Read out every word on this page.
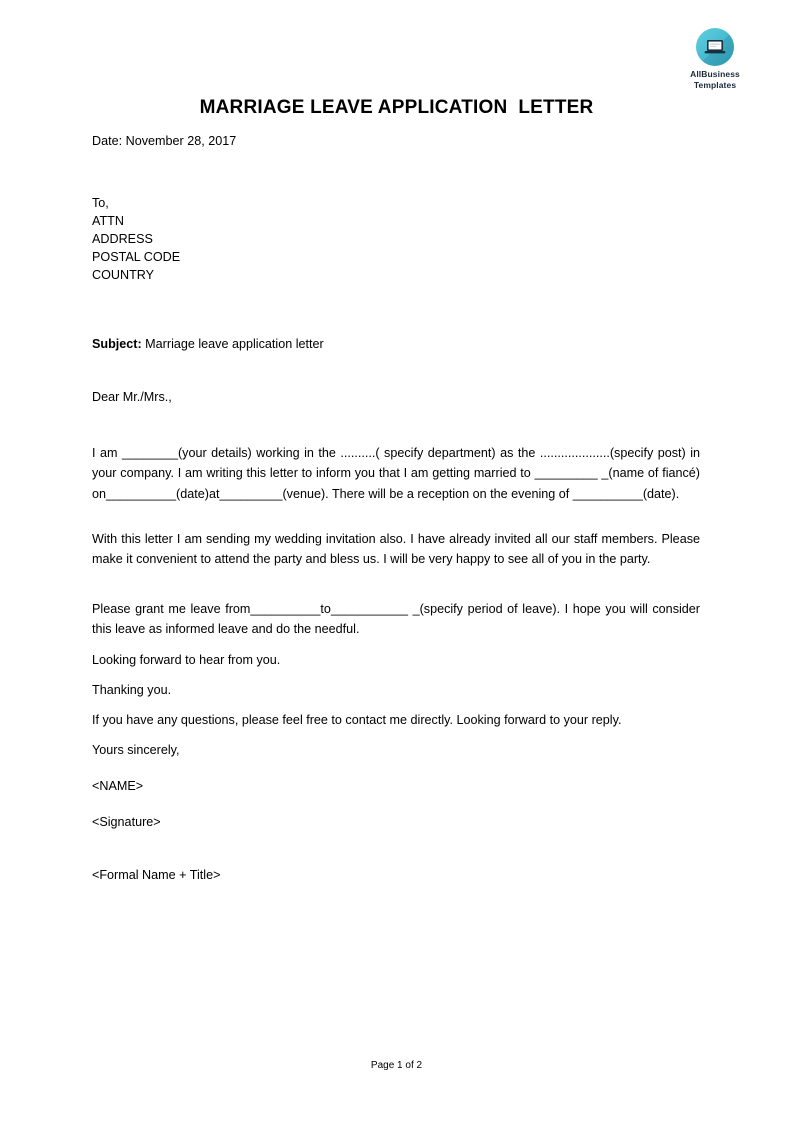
AllBusiness
Templates
MARRIAGE LEAVE APPLICATION  LETTER
Date: November 28, 2017
To,
ATTN
ADDRESS
POSTAL CODE
COUNTRY
Subject: Marriage leave application letter
Dear Mr./Mrs.,
I am ________(your details) working in the ..........( specify department) as the ....................(specify post) in your company. I am writing this letter to inform you that I am getting married to _________ _(name of fiancé) on__________(date)at_________(venue). There will be a reception on the evening of __________(date).
With this letter I am sending my wedding invitation also. I have already invited all our staff members. Please make it convenient to attend the party and bless us. I will be very happy to see all of you in the party.
Please grant me leave from__________to___________ _(specify period of leave). I hope you will consider this leave as informed leave and do the needful.
Looking forward to hear from you.
Thanking you.
If you have any questions, please feel free to contact me directly. Looking forward to your reply.
Yours sincerely,
<NAME>
<Signature>
<Formal Name + Title>
Page 1 of 2
